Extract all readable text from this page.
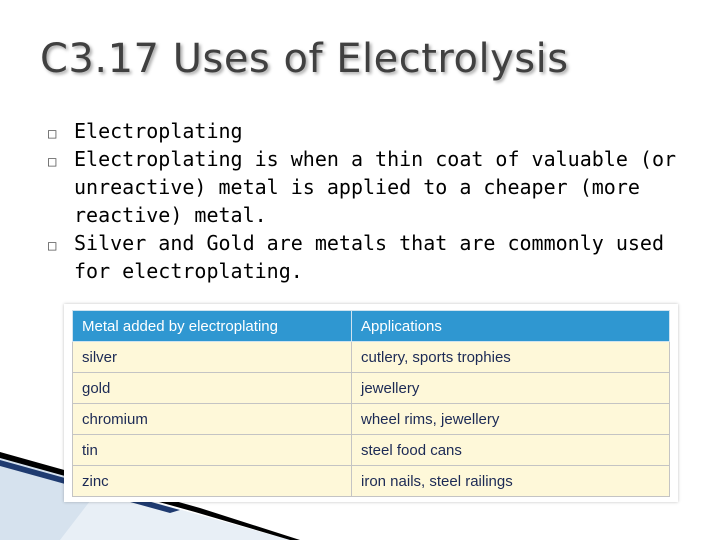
C3.17 Uses of Electrolysis
□ Electroplating
□ Electroplating is when a thin coat of valuable (or unreactive) metal is applied to a cheaper (more reactive) metal.
□ Silver and Gold are metals that are commonly used for electroplating.
Metal added by electroplating	Applications
silver	cutlery, sports trophies
gold	jewellery
chromium	wheel rims, jewellery
tin	steel food cans
zinc	iron nails, steel railings
